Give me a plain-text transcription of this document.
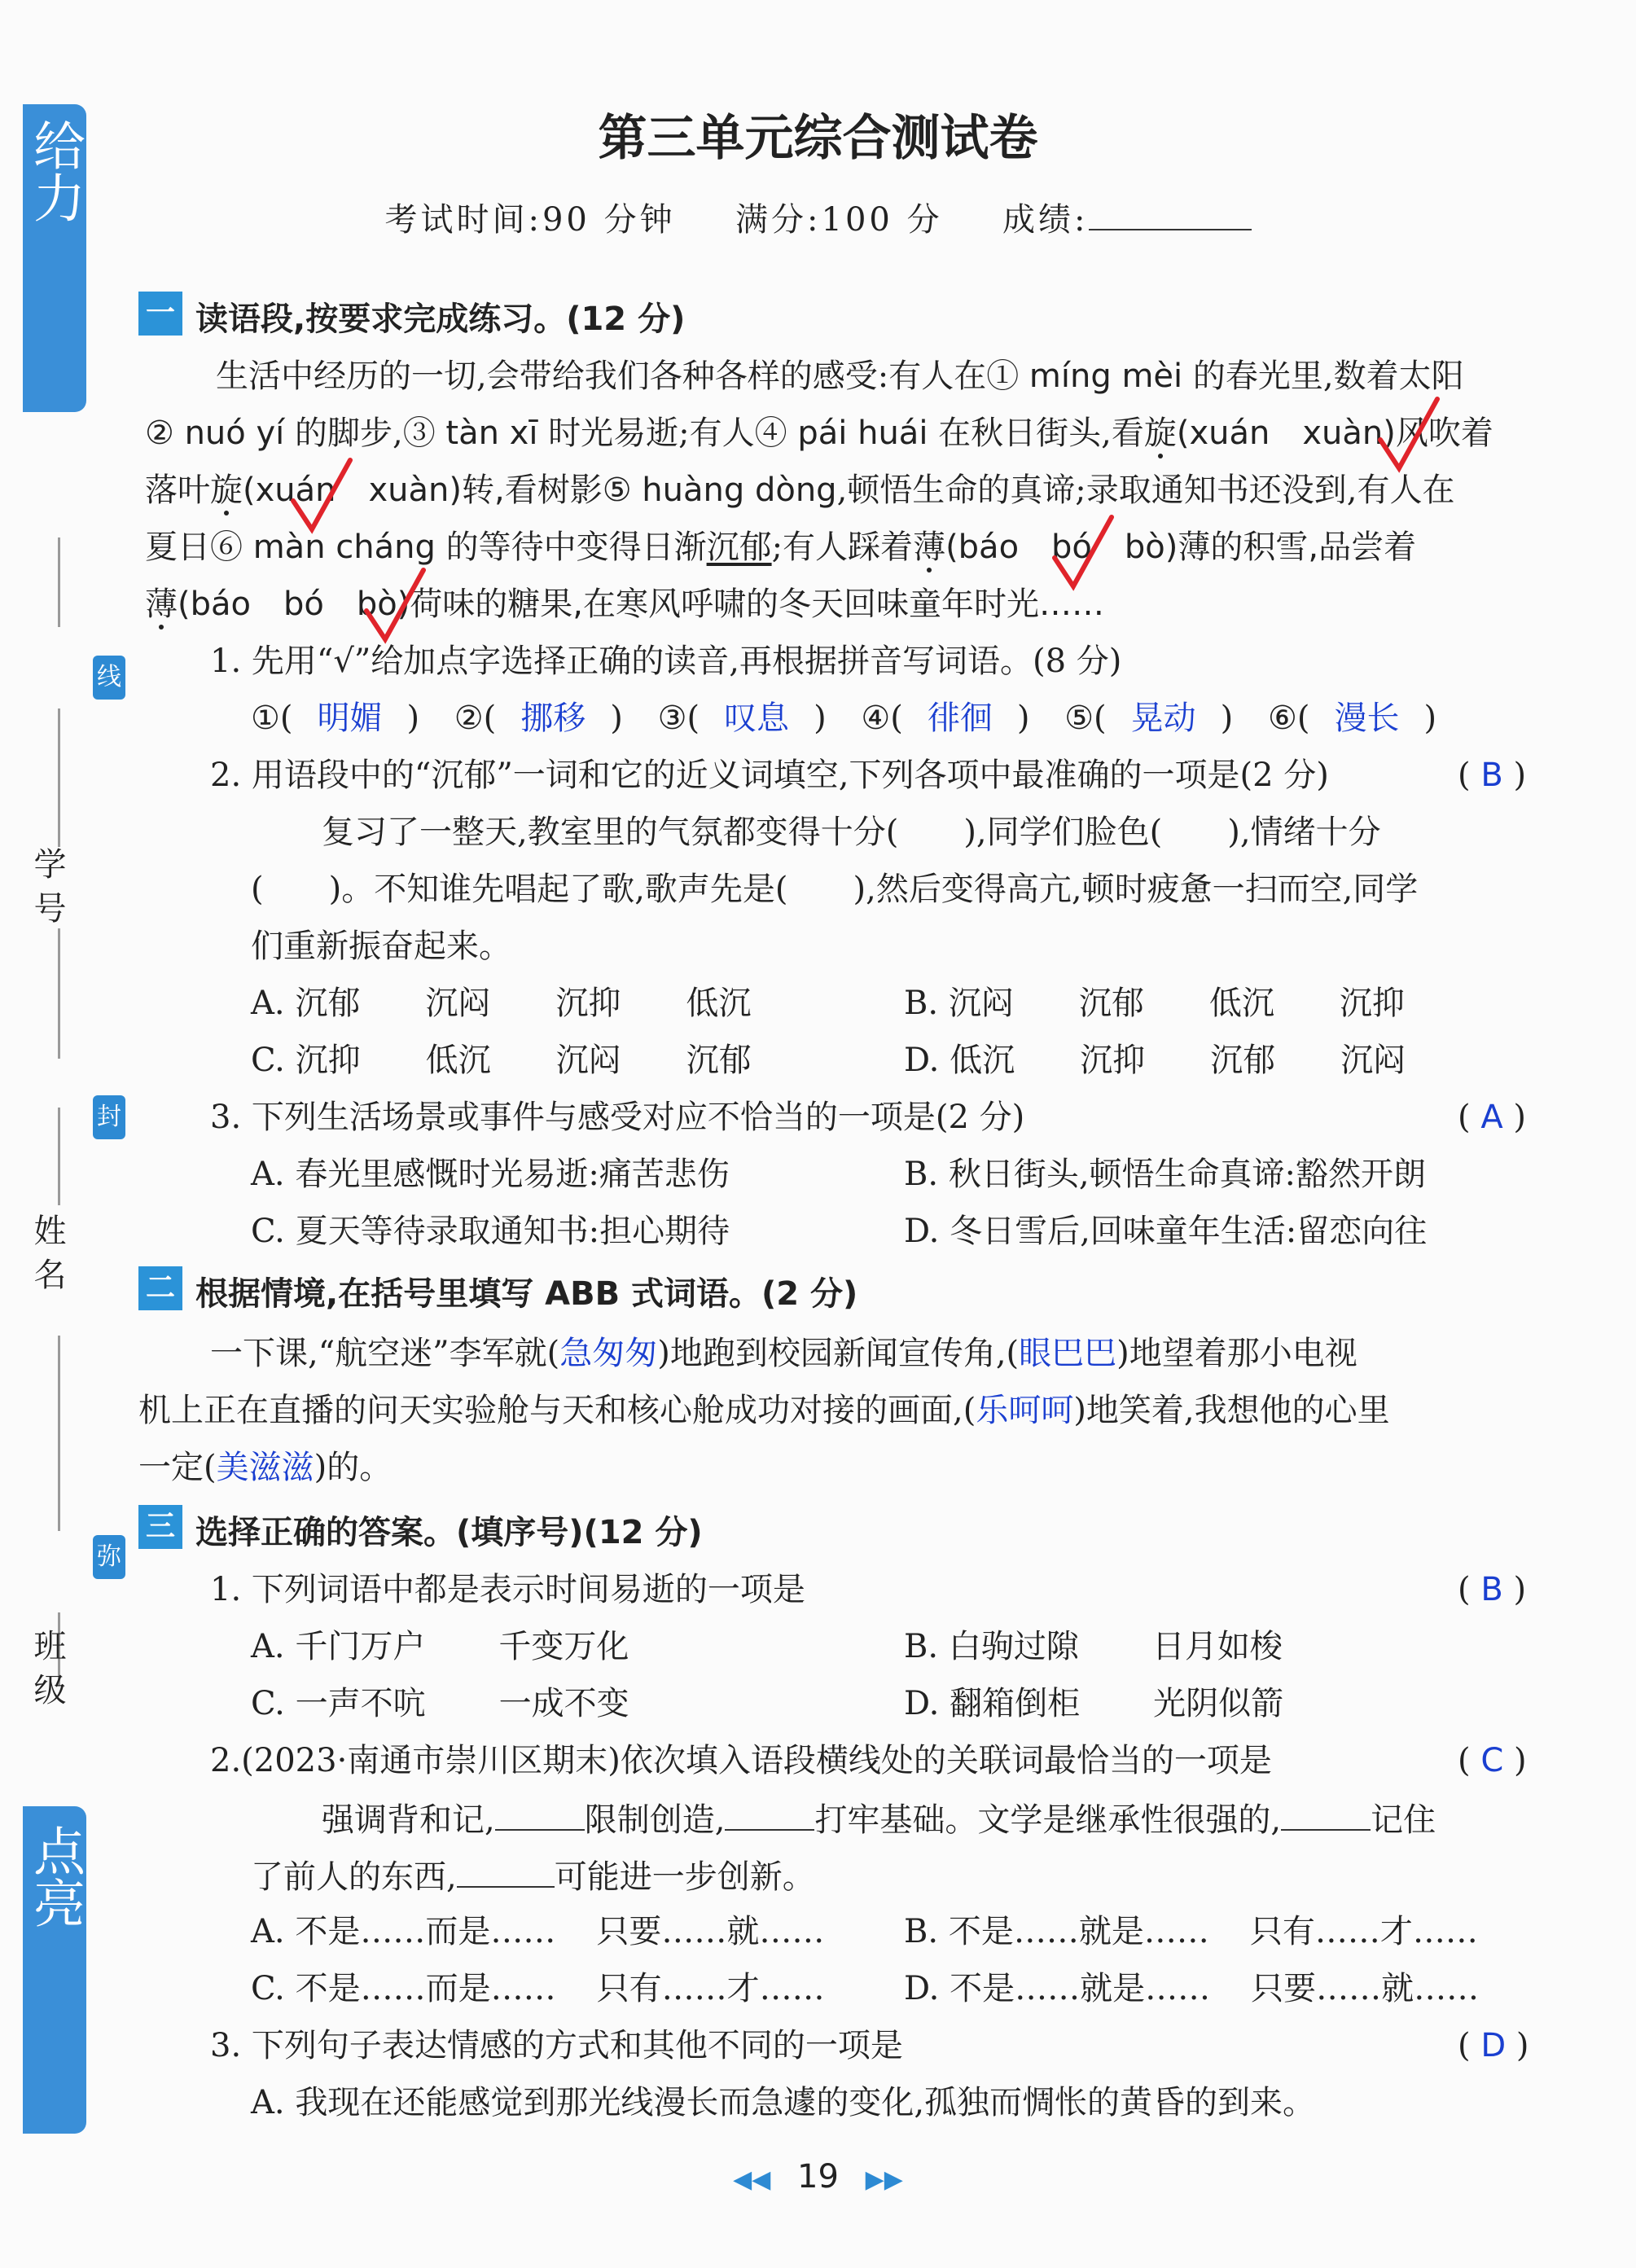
给力
点亮
线
封
弥
学号
姓名
班级
第三单元综合测试卷
考试时间:90 分钟 满分:100 分 成绩:
一 读语段,按要求完成练习。(12 分)
生活中经历的一切,会带给我们各种各样的感受:有人在① míng mèi 的春光里,数着太阳
② nuó yí 的脚步,③ tàn xī 时光易逝;有人④ pái huái 在秋日街头,看旋(xuán　xuàn)风吹着
落叶旋(xuán　xuàn)转,看树影⑤ huàng dòng,顿悟生命的真谛;录取通知书还没到,有人在
夏日⑥ màn cháng 的等待中变得日渐沉郁;有人踩着薄(báo　bó　bò)薄的积雪,品尝着
薄(báo　bó　bò)荷味的糖果,在寒风呼啸的冬天回味童年时光……
1. 先用“√”给加点字选择正确的读音,再根据拼音写词语。(8 分)
①( 明媚 ) ②( 挪移 ) ③( 叹息 ) ④( 徘徊 ) ⑤( 晃动 ) ⑥( 漫长 )
2. 用语段中的“沉郁”一词和它的近义词填空,下列各项中最准确的一项是(2 分)	( B )
复习了一整天,教室里的气氛都变得十分(　　),同学们脸色(　　),情绪十分
(　　)。不知谁先唱起了歌,歌声先是(　　),然后变得高亢,顿时疲惫一扫而空,同学
们重新振奋起来。
A. 沉郁 沉闷 沉抑 低沉	B. 沉闷 沉郁 低沉 沉抑
C. 沉抑 低沉 沉闷 沉郁	D. 低沉 沉抑 沉郁 沉闷
3. 下列生活场景或事件与感受对应不恰当的一项是(2 分)	( A )
A. 春光里感慨时光易逝:痛苦悲伤	B. 秋日街头,顿悟生命真谛:豁然开朗
C. 夏天等待录取通知书:担心期待	D. 冬日雪后,回味童年生活:留恋向往
二 根据情境,在括号里填写 ABB 式词语。(2 分)
一下课,“航空迷”李军就(急匆匆)地跑到校园新闻宣传角,(眼巴巴)地望着那小电视
机上正在直播的问天实验舱与天和核心舱成功对接的画面,(乐呵呵)地笑着,我想他的心里
一定(美滋滋)的。
三 选择正确的答案。(填序号)(12 分)
1. 下列词语中都是表示时间易逝的一项是	( B )
A. 千门万户 千变万化	B. 白驹过隙 日月如梭
C. 一声不吭 一成不变	D. 翻箱倒柜 光阴似箭
2.(2023·南通市崇川区期末)依次填入语段横线处的关联词最恰当的一项是	( C )
强调背和记,	限制创造,	打牢基础。文学是继承性很强的,	记住
了前人的东西,	可能进一步创新。
A. 不是……而是…… 只要……就…… B. 不是……就是…… 只有……才……
C. 不是……而是…… 只有……才…… D. 不是……就是…… 只要……就……
3. 下列句子表达情感的方式和其他不同的一项是	( D )
A. 我现在还能感觉到那光线漫长而急遽的变化,孤独而惆怅的黄昏的到来。
◀◀ 19 ▶▶
